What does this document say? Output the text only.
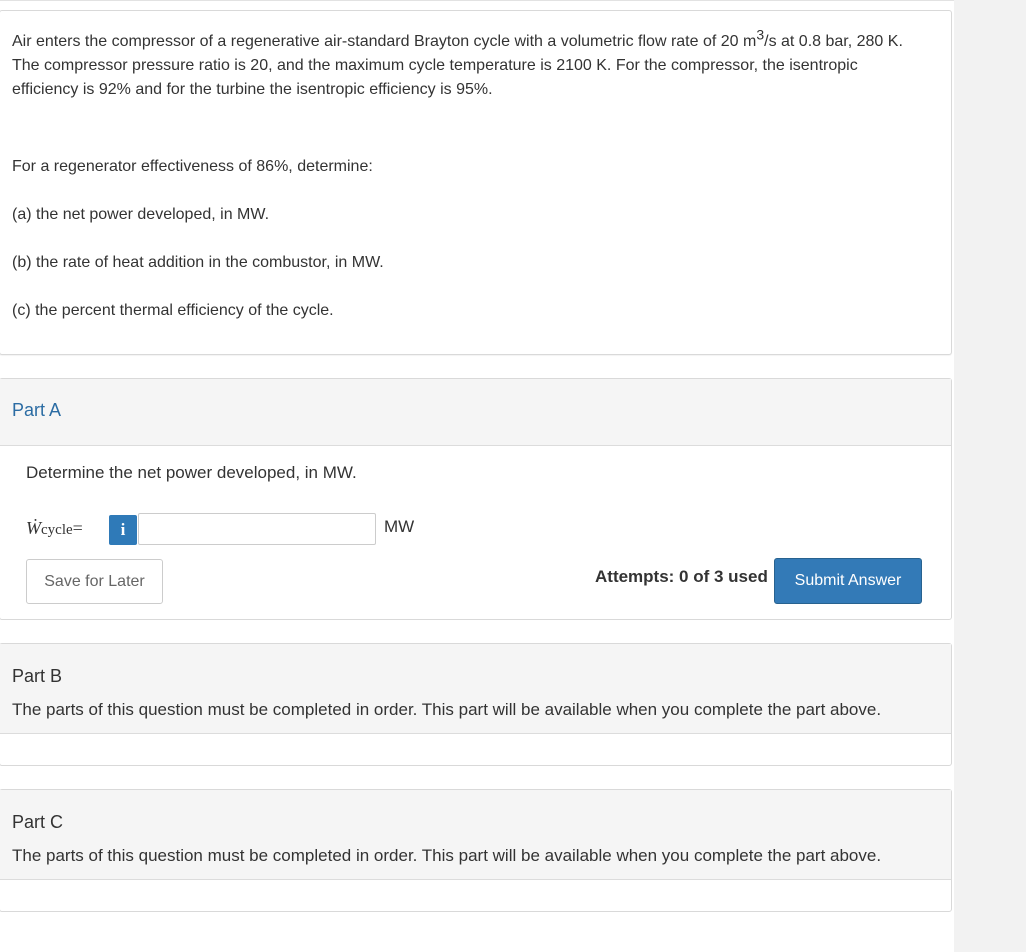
Air enters the compressor of a regenerative air-standard Brayton cycle with a volumetric flow rate of 20 $m^3/s$ at 0.8 bar, 280 K. The compressor pressure ratio is 20, and the maximum cycle temperature is 2100 K. For the compressor, the isentropic efficiency is 92% and for the turbine the isentropic efficiency is 95%.

For a regenerator effectiveness of 86%, determine:

(a) the net power developed, in MW.

(b) the rate of heat addition in the combustor, in MW.

(c) the percent thermal efficiency of the cycle.

Part A

Determine the net power developed, in MW.

Ẇcycle=	i	MW
Save for Later	Attempts: 0 of 3 used	Submit Answer
Part B

The parts of this question must be completed in order. This part will be available when you complete the part above.

Part C

The parts of this question must be completed in order. This part will be available when you complete the part above.
